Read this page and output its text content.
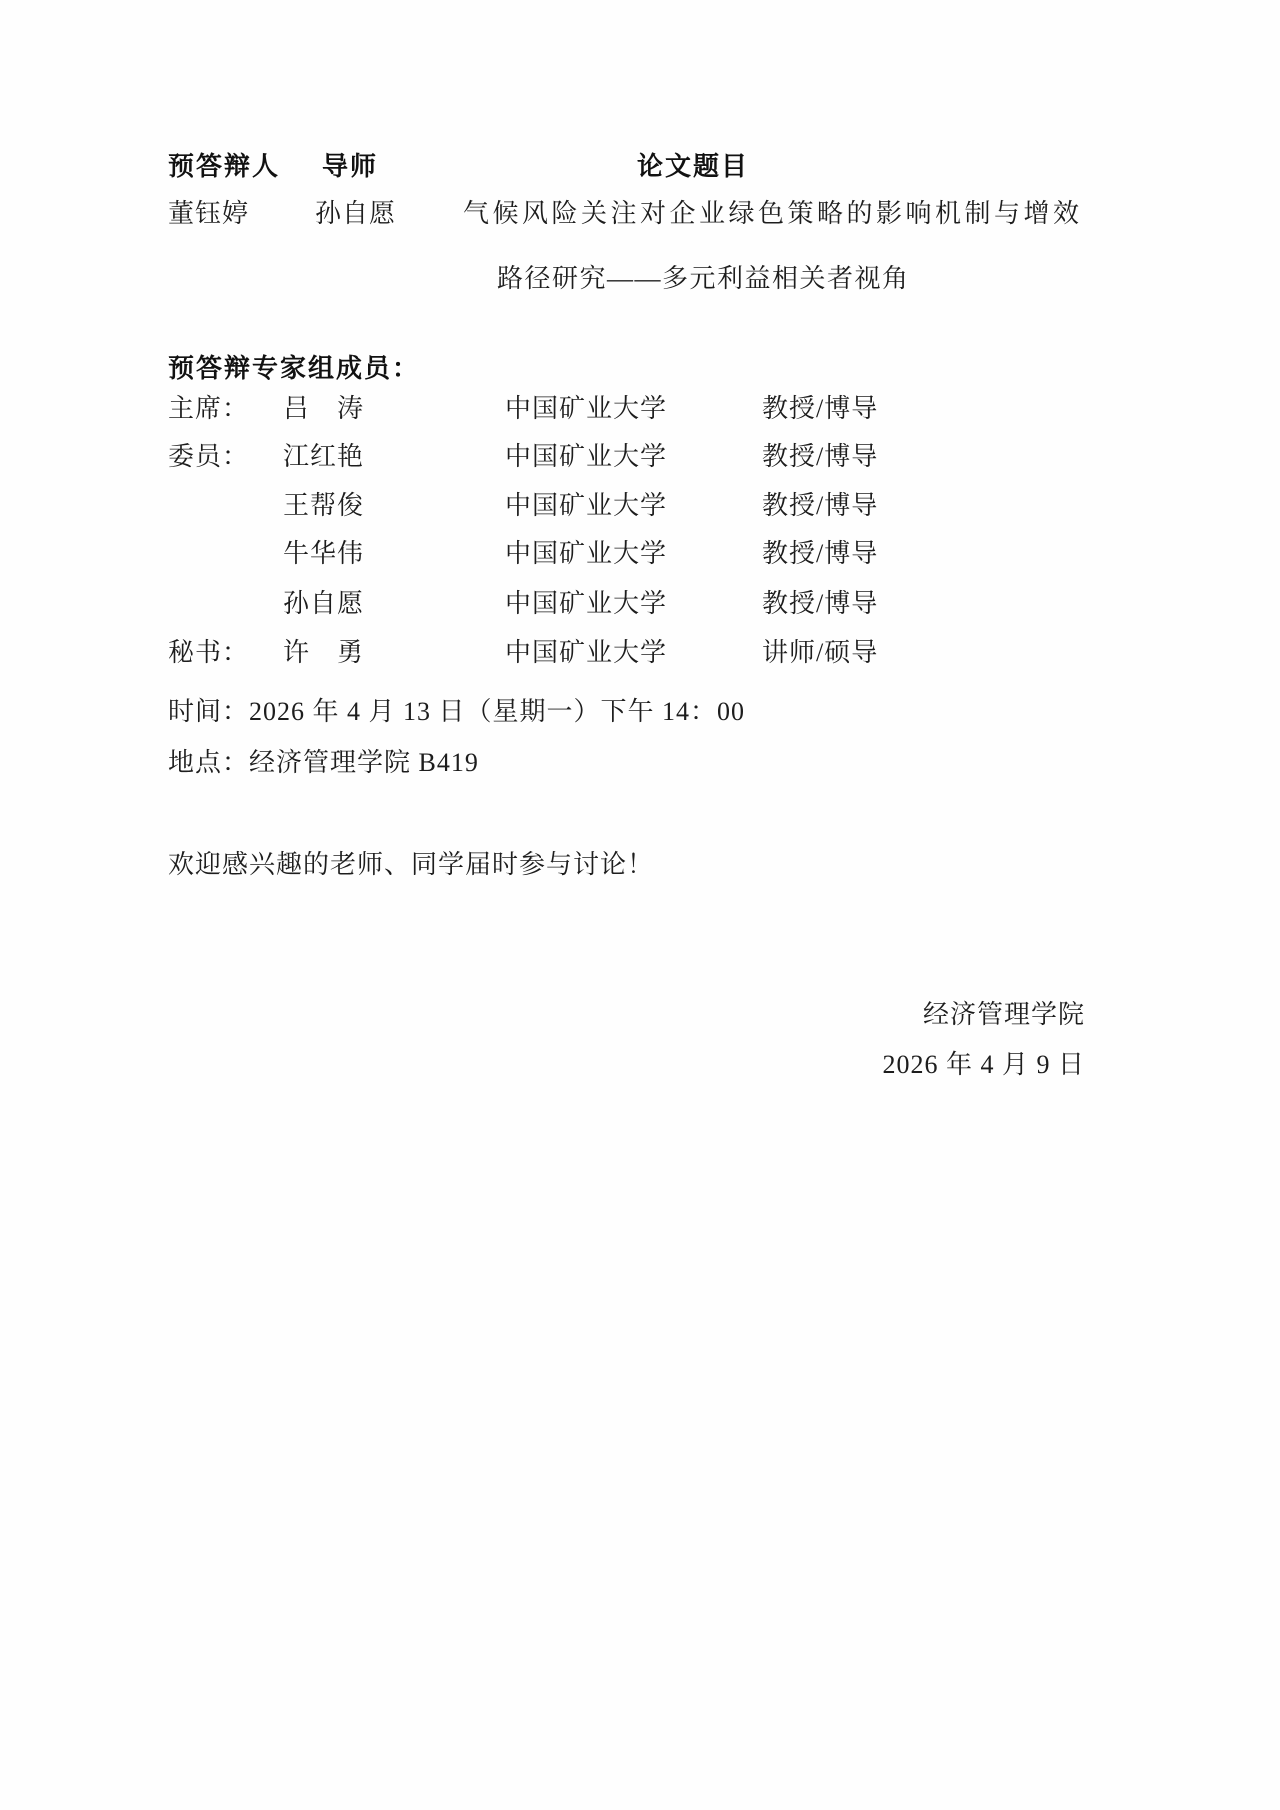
预答辩人 导师	论文题目
董钰婷	孙自愿	气候风险关注对企业绿色策略的影响机制与增效
路径研究——多元利益相关者视角
预答辩专家组成员：
主席： 吕　涛	中国矿业大学	教授/博导
委员： 江红艳	中国矿业大学	教授/博导
王帮俊	中国矿业大学	教授/博导
牛华伟	中国矿业大学	教授/博导
孙自愿	中国矿业大学	教授/博导
秘书： 许　勇	中国矿业大学	讲师/硕导
时间：2026 年 4 月 13 日（星期一）下午 14：00
地点：经济管理学院 B419
欢迎感兴趣的老师、同学届时参与讨论！
经济管理学院
2026 年 4 月 9 日
